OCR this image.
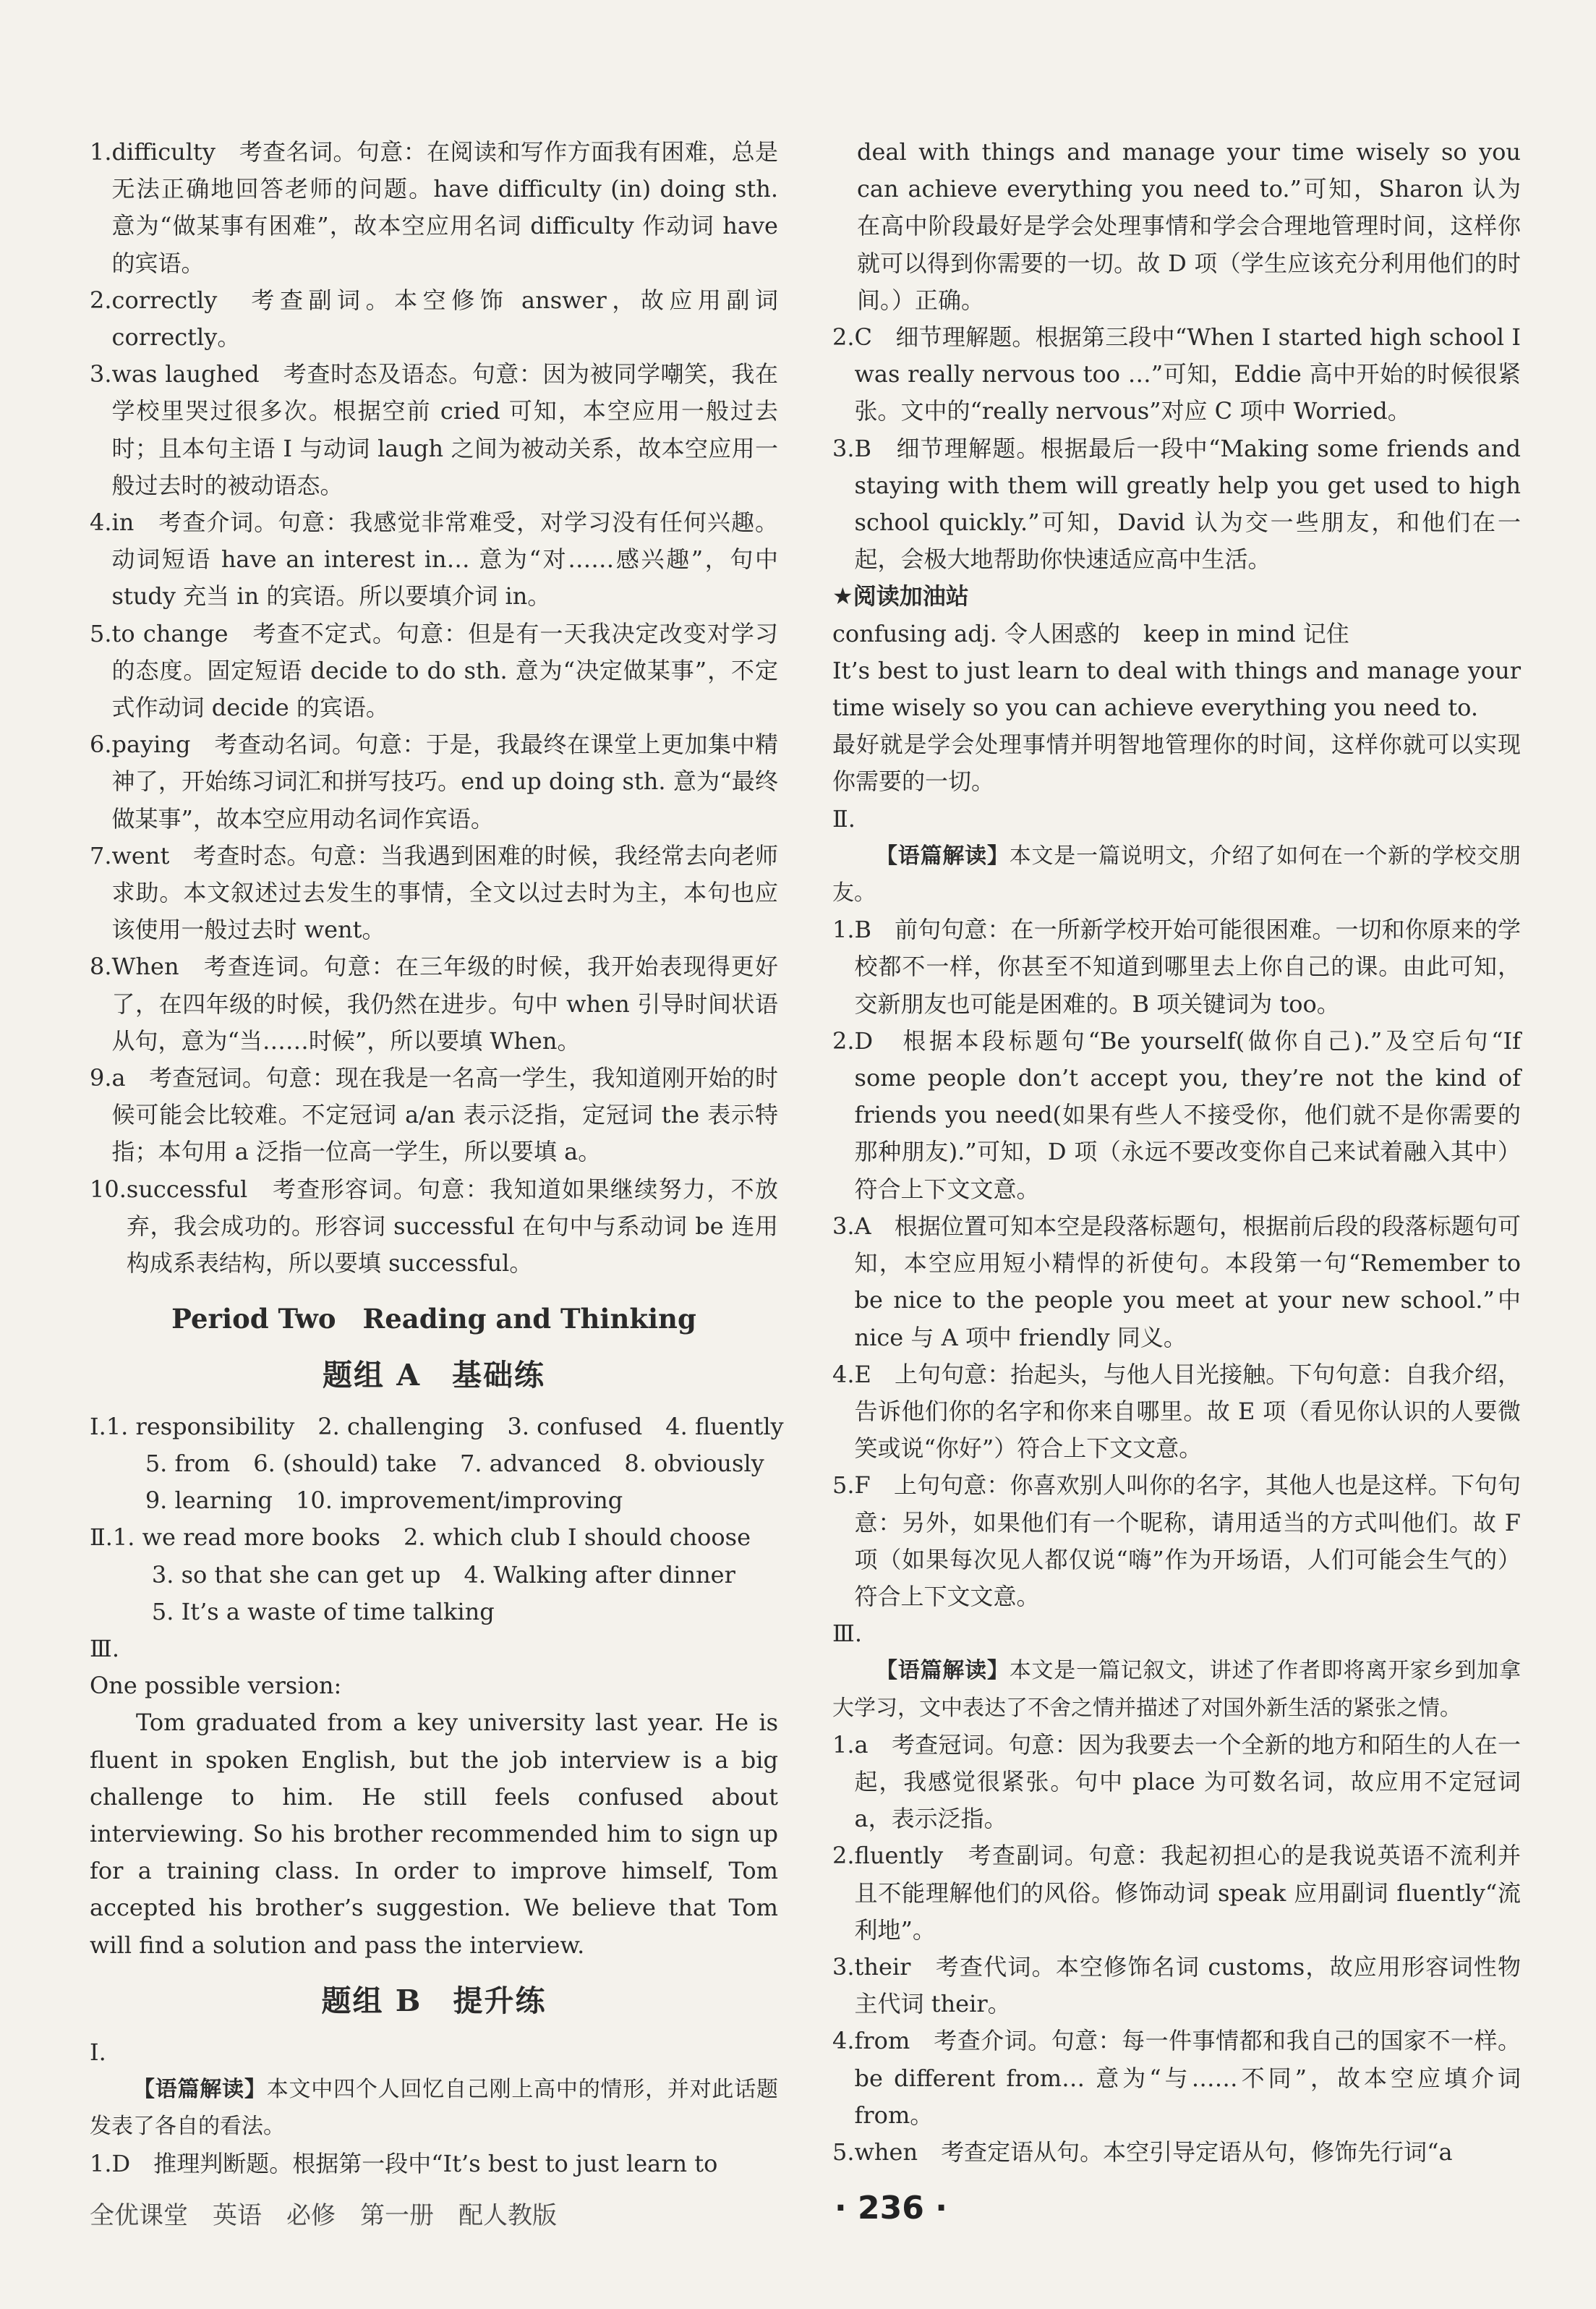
1. difficulty　考查名词。句意：在阅读和写作方面我有困难，总是无法正确地回答老师的问题。have difficulty (in) doing sth. 意为“做某事有困难”，故本空应用名词 difficulty 作动词 have 的宾语。
2. correctly　考查副词。本空修饰 answer，故应用副词 correctly。
3. was laughed　考查时态及语态。句意：因为被同学嘲笑，我在学校里哭过很多次。根据空前 cried 可知，本空应用一般过去时；且本句主语 I 与动词 laugh 之间为被动关系，故本空应用一般过去时的被动语态。
4. in　考查介词。句意：我感觉非常难受，对学习没有任何兴趣。动词短语 have an interest in… 意为“对……感兴趣”，句中 study 充当 in 的宾语。所以要填介词 in。
5. to change　考查不定式。句意：但是有一天我决定改变对学习的态度。固定短语 decide to do sth. 意为“决定做某事”，不定式作动词 decide 的宾语。
6. paying　考查动名词。句意：于是，我最终在课堂上更加集中精神了，开始练习词汇和拼写技巧。end up doing sth. 意为“最终做某事”，故本空应用动名词作宾语。
7. went　考查时态。句意：当我遇到困难的时候，我经常去向老师求助。本文叙述过去发生的事情，全文以过去时为主，本句也应该使用一般过去时 went。
8. When　考查连词。句意：在三年级的时候，我开始表现得更好了，在四年级的时候，我仍然在进步。句中 when 引导时间状语从句，意为“当……时候”，所以要填 When。
9. a　考查冠词。句意：现在我是一名高一学生，我知道刚开始的时候可能会比较难。不定冠词 a/an 表示泛指，定冠词 the 表示特指；本句用 a 泛指一位高一学生，所以要填 a。
10. successful　考查形容词。句意：我知道如果继续努力，不放弃，我会成功的。形容词 successful 在句中与系动词 be 连用构成系表结构，所以要填 successful。
Period Two　Reading and Thinking
题组 A　基础练
Ⅰ. 1. responsibility　2. challenging　3. confused　4. fluently
5. from　6. (should) take　7. advanced　8. obviously
9. learning　10. improvement/improving
Ⅱ. 1. we read more books　2. which club I should choose
3. so that she can get up　4. Walking after dinner
5. It’s a waste of time talking
Ⅲ.
One possible version:
Tom graduated from a key university last year. He is fluent in spoken English, but the job interview is a big challenge to him. He still feels confused about interviewing. So his brother recommended him to sign up for a training class. In order to improve himself, Tom accepted his brother’s suggestion. We believe that Tom will find a solution and pass the interview.
题组 B　提升练
Ⅰ.
【语篇解读】本文中四个人回忆自己刚上高中的情形，并对此话题发表了各自的看法。
1. D　推理判断题。根据第一段中“It’s best to just learn to
deal with things and manage your time wisely so you can achieve everything you need to.”可知，Sharon 认为在高中阶段最好是学会处理事情和学会合理地管理时间，这样你就可以得到你需要的一切。故 D 项（学生应该充分利用他们的时间。）正确。
2. C　细节理解题。根据第三段中“When I started high school I was really nervous too …”可知，Eddie 高中开始的时候很紧张。文中的“really nervous”对应 C 项中 Worried。
3. B　细节理解题。根据最后一段中“Making some friends and staying with them will greatly help you get used to high school quickly.”可知，David 认为交一些朋友，和他们在一起，会极大地帮助你快速适应高中生活。
★阅读加油站
confusing adj. 令人困惑的　keep in mind 记住
It’s best to just learn to deal with things and manage your time wisely so you can achieve everything you need to.
最好就是学会处理事情并明智地管理你的时间，这样你就可以实现你需要的一切。
Ⅱ.
【语篇解读】本文是一篇说明文，介绍了如何在一个新的学校交朋友。
1. B　前句句意：在一所新学校开始可能很困难。一切和你原来的学校都不一样，你甚至不知道到哪里去上你自己的课。由此可知，交新朋友也可能是困难的。B 项关键词为 too。
2. D　根据本段标题句“Be yourself(做你自己).”及空后句“If some people don’t accept you, they’re not the kind of friends you need(如果有些人不接受你，他们就不是你需要的那种朋友).”可知，D 项（永远不要改变你自己来试着融入其中）符合上下文文意。
3. A　根据位置可知本空是段落标题句，根据前后段的段落标题句可知，本空应用短小精悍的祈使句。本段第一句“Remember to be nice to the people you meet at your new school.”中 nice 与 A 项中 friendly 同义。
4. E　上句句意：抬起头，与他人目光接触。下句句意：自我介绍，告诉他们你的名字和你来自哪里。故 E 项（看见你认识的人要微笑或说“你好”）符合上下文文意。
5. F　上句句意：你喜欢别人叫你的名字，其他人也是这样。下句句意：另外，如果他们有一个昵称，请用适当的方式叫他们。故 F 项（如果每次见人都仅说“嗨”作为开场语，人们可能会生气的）符合上下文文意。
Ⅲ.
【语篇解读】本文是一篇记叙文，讲述了作者即将离开家乡到加拿大学习，文中表达了不舍之情并描述了对国外新生活的紧张之情。
1. a　考查冠词。句意：因为我要去一个全新的地方和陌生的人在一起，我感觉很紧张。句中 place 为可数名词，故应用不定冠词 a，表示泛指。
2. fluently　考查副词。句意：我起初担心的是我说英语不流利并且不能理解他们的风俗。修饰动词 speak 应用副词 fluently“流利地”。
3. their　考查代词。本空修饰名词 customs，故应用形容词性物主代词 their。
4. from　考查介词。句意：每一件事情都和我自己的国家不一样。be different from… 意为“与……不同”，故本空应填介词 from。
5. when　考查定语从句。本空引导定语从句，修饰先行词“a
全优课堂　英语　必修　第一册　配人教版	· 236 ·
